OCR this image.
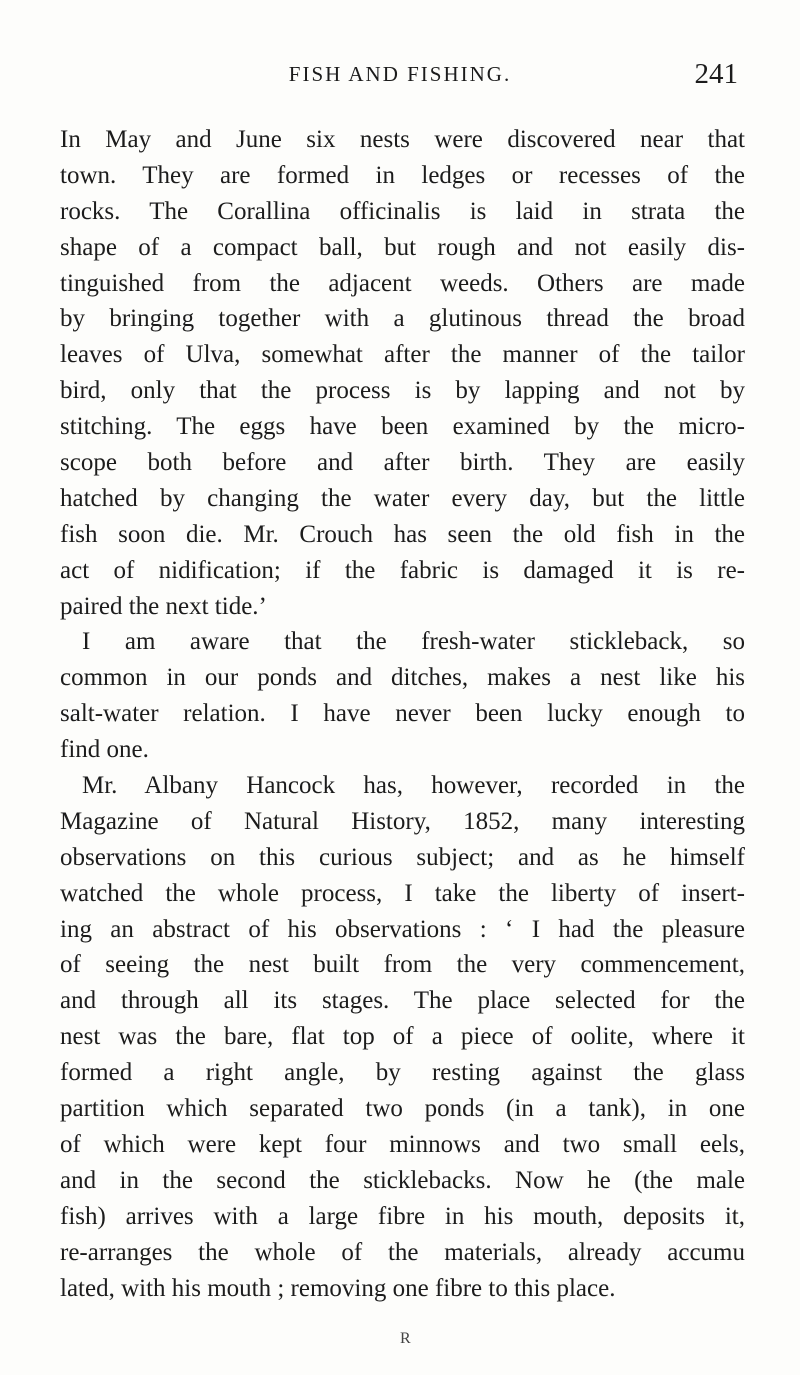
FISH AND FISHING.	241
In May and June six nests were discovered near that
town. They are formed in ledges or recesses of the
rocks. The Corallina officinalis is laid in strata the
shape of a compact ball, but rough and not easily dis-
tinguished from the adjacent weeds. Others are made
by bringing together with a glutinous thread the broad
leaves of Ulva, somewhat after the manner of the tailor
bird, only that the process is by lapping and not by
stitching. The eggs have been examined by the micro-
scope both before and after birth. They are easily
hatched by changing the water every day, but the little
fish soon die. Mr. Crouch has seen the old fish in the
act of nidification; if the fabric is damaged it is re-
paired the next tide.’
I am aware that the fresh-water stickleback, so
common in our ponds and ditches, makes a nest like his
salt-water relation. I have never been lucky enough to
find one.
Mr. Albany Hancock has, however, recorded in the
Magazine of Natural History, 1852, many interesting
observations on this curious subject; and as he himself
watched the whole process, I take the liberty of insert-
ing an abstract of his observations : ‘ I had the pleasure
of seeing the nest built from the very commencement,
and through all its stages. The place selected for the
nest was the bare, flat top of a piece of oolite, where it
formed a right angle, by resting against the glass
partition which separated two ponds (in a tank), in one
of which were kept four minnows and two small eels,
and in the second the sticklebacks. Now he (the male
fish) arrives with a large fibre in his mouth, deposits it,
re-arranges the whole of the materials, already accumu
lated, with his mouth ; removing one fibre to this place.
R
